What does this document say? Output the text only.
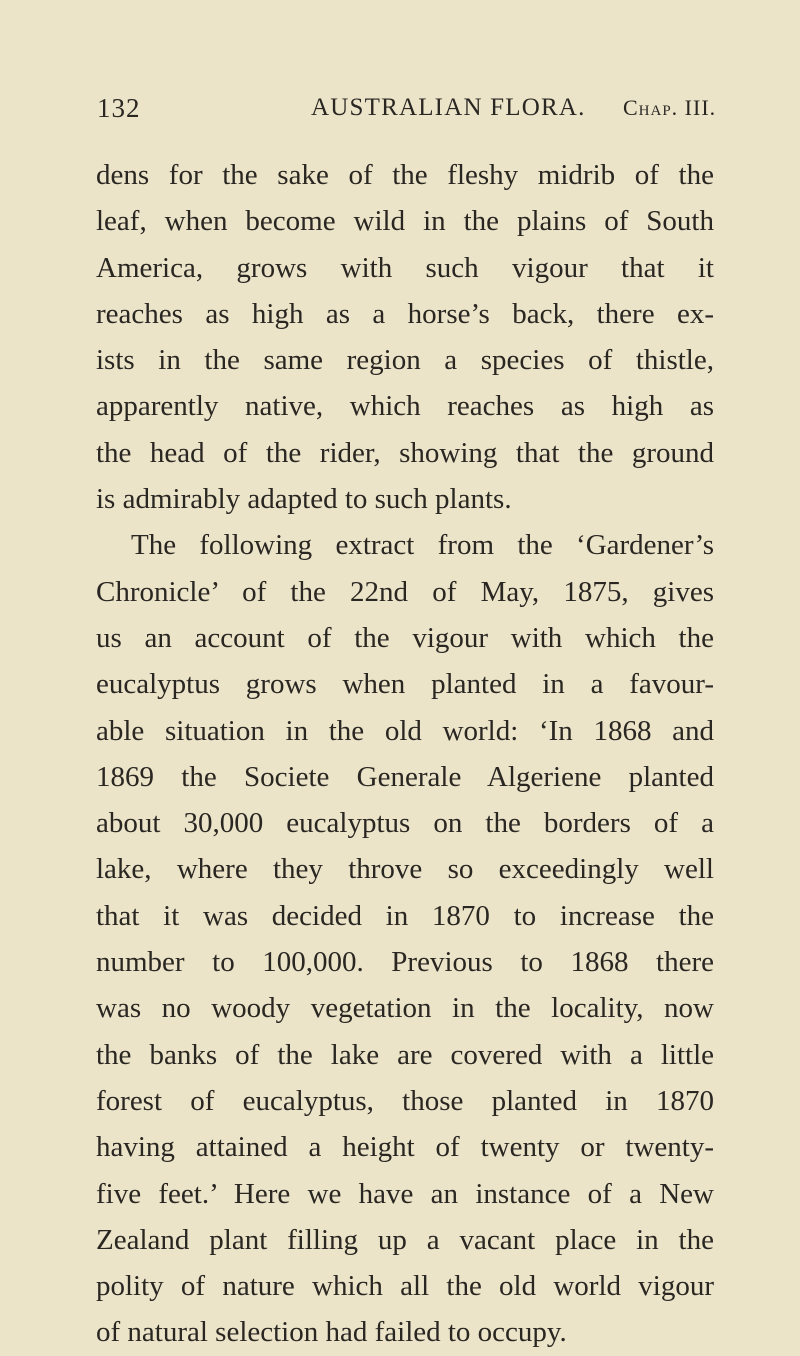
132	AUSTRALIAN FLORA. Chap. III.
dens for the sake of the fleshy midrib of the
leaf, when become wild in the plains of South
America, grows with such vigour that it
reaches as high as a horse’s back, there ex-
ists in the same region a species of thistle,
apparently native, which reaches as high as
the head of the rider, showing that the ground
is admirably adapted to such plants.
The following extract from the ‘Gardener’s
Chronicle’ of the 22nd of May, 1875, gives
us an account of the vigour with which the
eucalyptus grows when planted in a favour-
able situation in the old world: ‘In 1868 and
1869 the Societe Generale Algeriene planted
about 30,000 eucalyptus on the borders of a
lake, where they throve so exceedingly well
that it was decided in 1870 to increase the
number to 100,000. Previous to 1868 there
was no woody vegetation in the locality, now
the banks of the lake are covered with a little
forest of eucalyptus, those planted in 1870
having attained a height of twenty or twenty-
five feet.’ Here we have an instance of a New
Zealand plant filling up a vacant place in the
polity of nature which all the old world vigour
of natural selection had failed to occupy.
